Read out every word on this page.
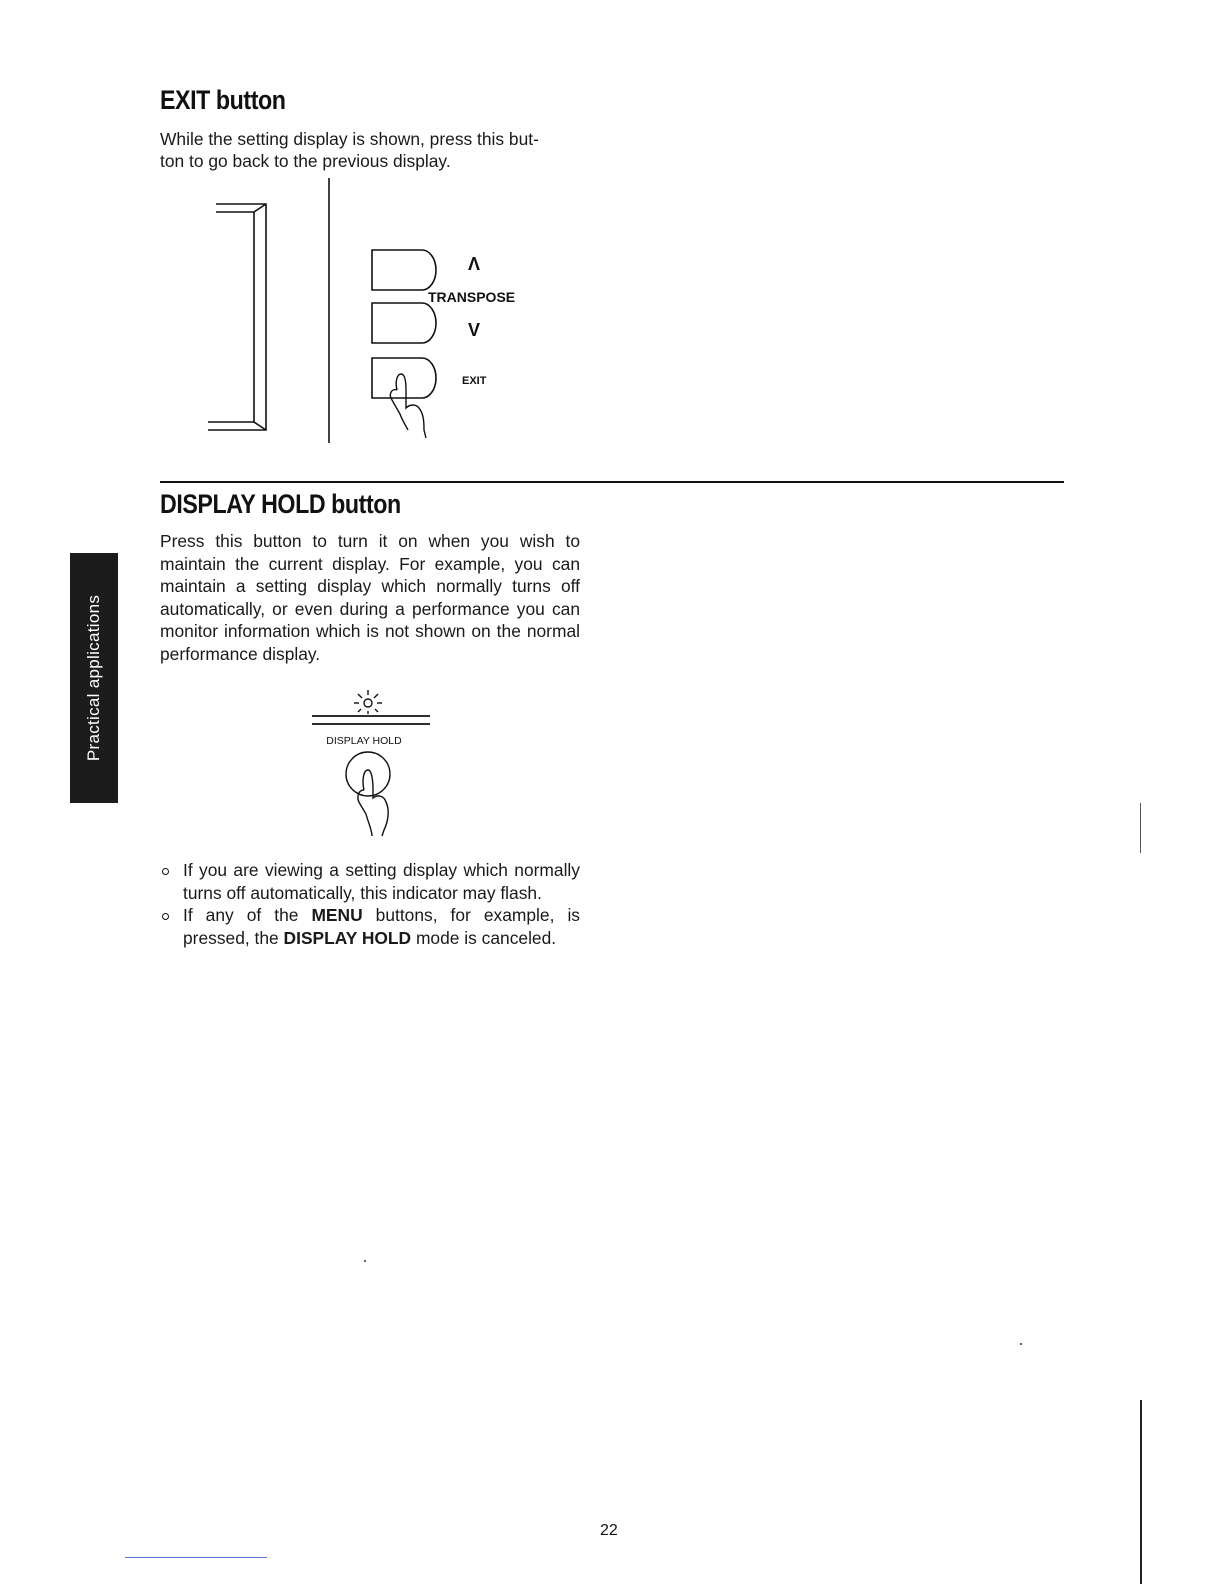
EXIT button

While the setting display is shown, press this but-

ton to go back to the previous display.

Λ
TRANSPOSE
V
EXIT
DISPLAY HOLD button

Press this button to turn it on when you wish to maintain the current display. For example, you can maintain a setting display which normally turns off automatically, or even during a performance you can monitor information which is not shown on the normal performance display.

DISPLAY HOLD
If you are viewing a setting display which normally turns off automatically, this indicator may flash.
If any of the MENU buttons, for example, is pressed, the DISPLAY HOLD mode is canceled.
Practical applications
22
